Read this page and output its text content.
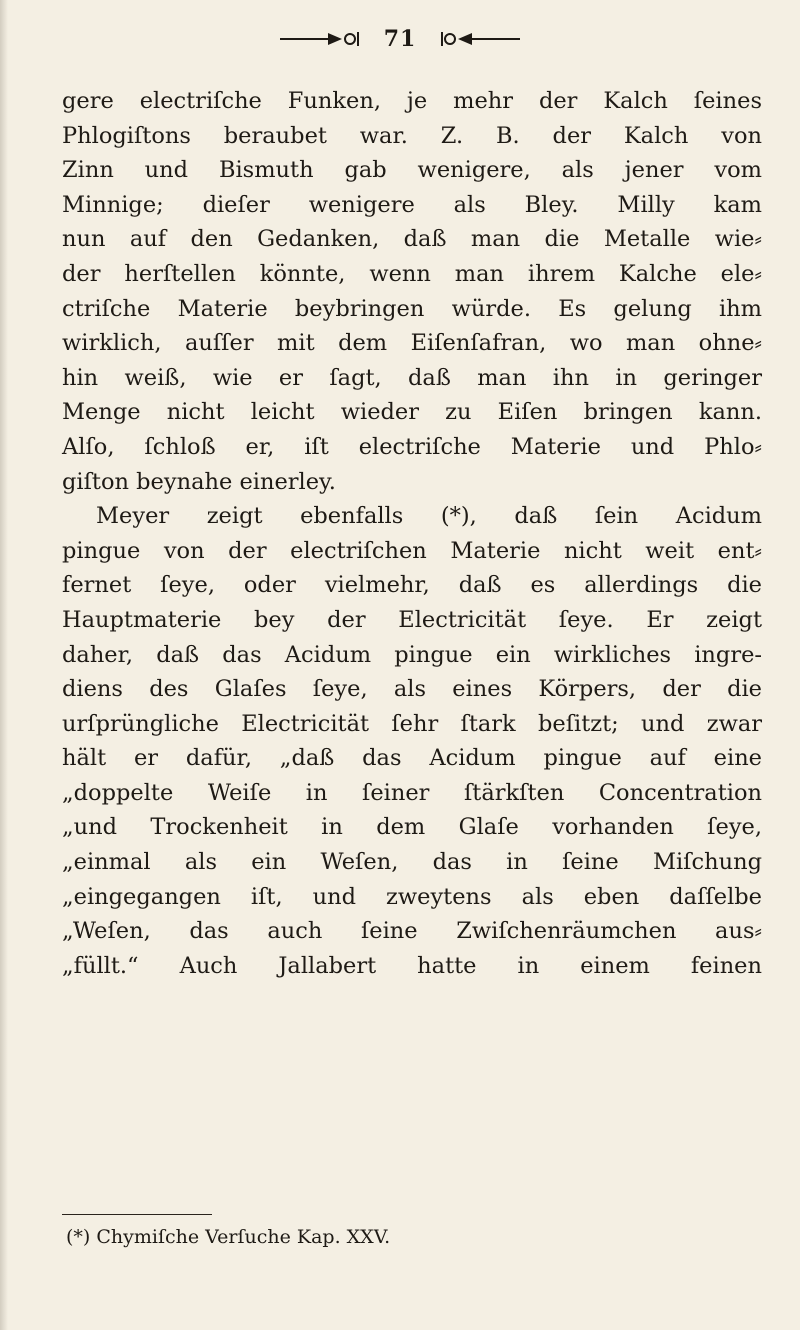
71
gere electriſche Funken, je mehr der Kalch ſeines
Phlogiſtons beraubet war. Z. B. der Kalch von
Zinn und Bismuth gab wenigere, als jener vom
Minnige; dieſer wenigere als Bley. Milly kam
nun auf den Gedanken, daß man die Metalle wie⸗
der herſtellen könnte, wenn man ihrem Kalche ele⸗
ctriſche Materie beybringen würde. Es gelung ihm
wirklich, auſſer mit dem Eiſenſafran, wo man ohne⸗
hin weiß, wie er ſagt, daß man ihn in geringer
Menge nicht leicht wieder zu Eiſen bringen kann.
Alſo, ſchloß er, iſt electriſche Materie und Phlo⸗
giſton beynahe einerley.
Meyer zeigt ebenfalls (*), daß ſein Acidum
pingue von der electriſchen Materie nicht weit ent⸗
fernet ſeye, oder vielmehr, daß es allerdings die
Hauptmaterie bey der Electricität ſeye. Er zeigt
daher, daß das Acidum pingue ein wirkliches ingre-
diens des Glaſes ſeye, als eines Körpers, der die
urſprüngliche Electricität ſehr ſtark beſitzt; und zwar
hält er dafür, „daß das Acidum pingue auf eine
„doppelte Weiſe in ſeiner ſtärkſten Concentration
„und Trockenheit in dem Glaſe vorhanden ſeye,
„einmal als ein Weſen, das in ſeine Miſchung
„eingegangen iſt, und zweytens als eben daſſelbe
„Weſen, das auch ſeine Zwiſchenräumchen aus⸗
„füllt.“ Auch Jallabert hatte in einem feinen
(*) Chymiſche Verſuche Kap. XXV.
